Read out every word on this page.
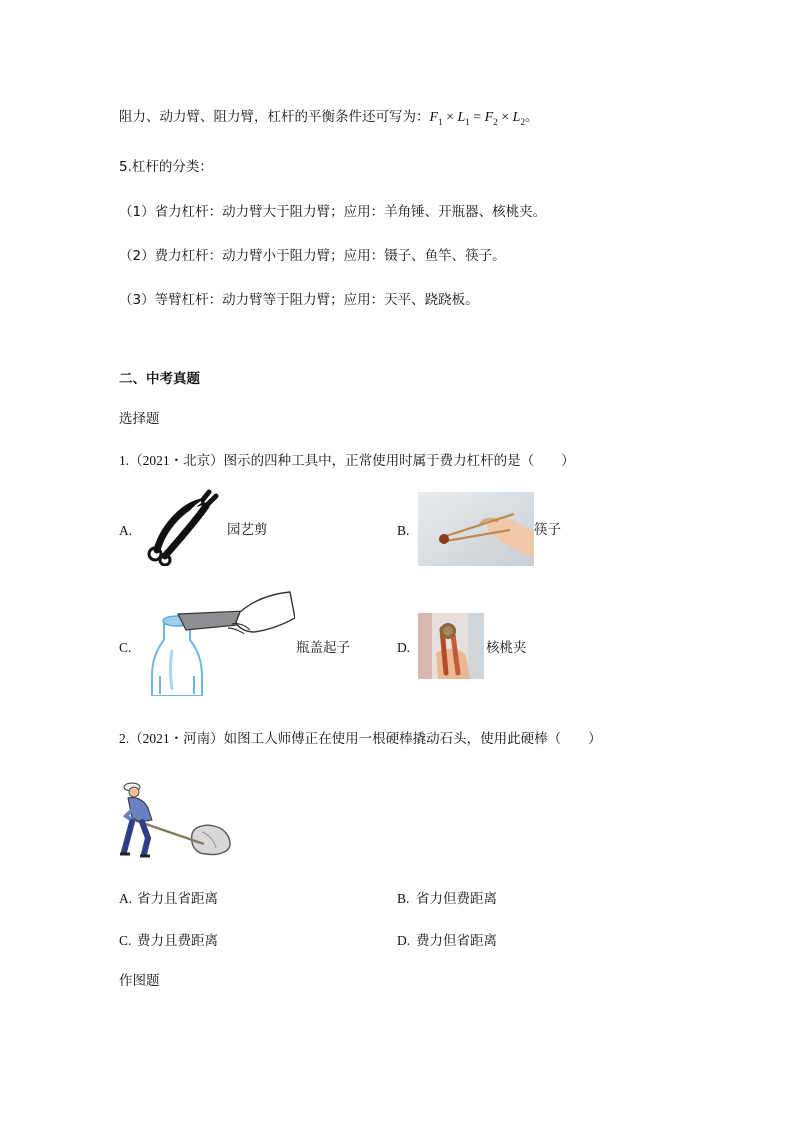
阻力、动力臂、阻力臂，杠杆的平衡条件还可写为：$F_1 \times L_1 = F_2 \times L_2$。
5.杠杆的分类：
（1）省力杠杆：动力臂大于阻力臂；应用：羊角锤、开瓶器、核桃夹。
（2）费力杠杆：动力臂小于阻力臂；应用：镊子、鱼竿、筷子。
（3）等臂杠杆：动力臂等于阻力臂；应用：天平、跷跷板。
二、中考真题
选择题
1.（2021・北京）图示的四种工具中，正常使用时属于费力杠杆的是（　　）
A.	园艺剪	B.	筷子
C.	瓶盖起子	D.	核桃夹
2.（2021・河南）如图工人师傅正在使用一根硬棒撬动石头，使用此硬棒（　　）
A. 省力且省距离	B. 省力但费距离
C. 费力且费距离	D. 费力但省距离
作图题
